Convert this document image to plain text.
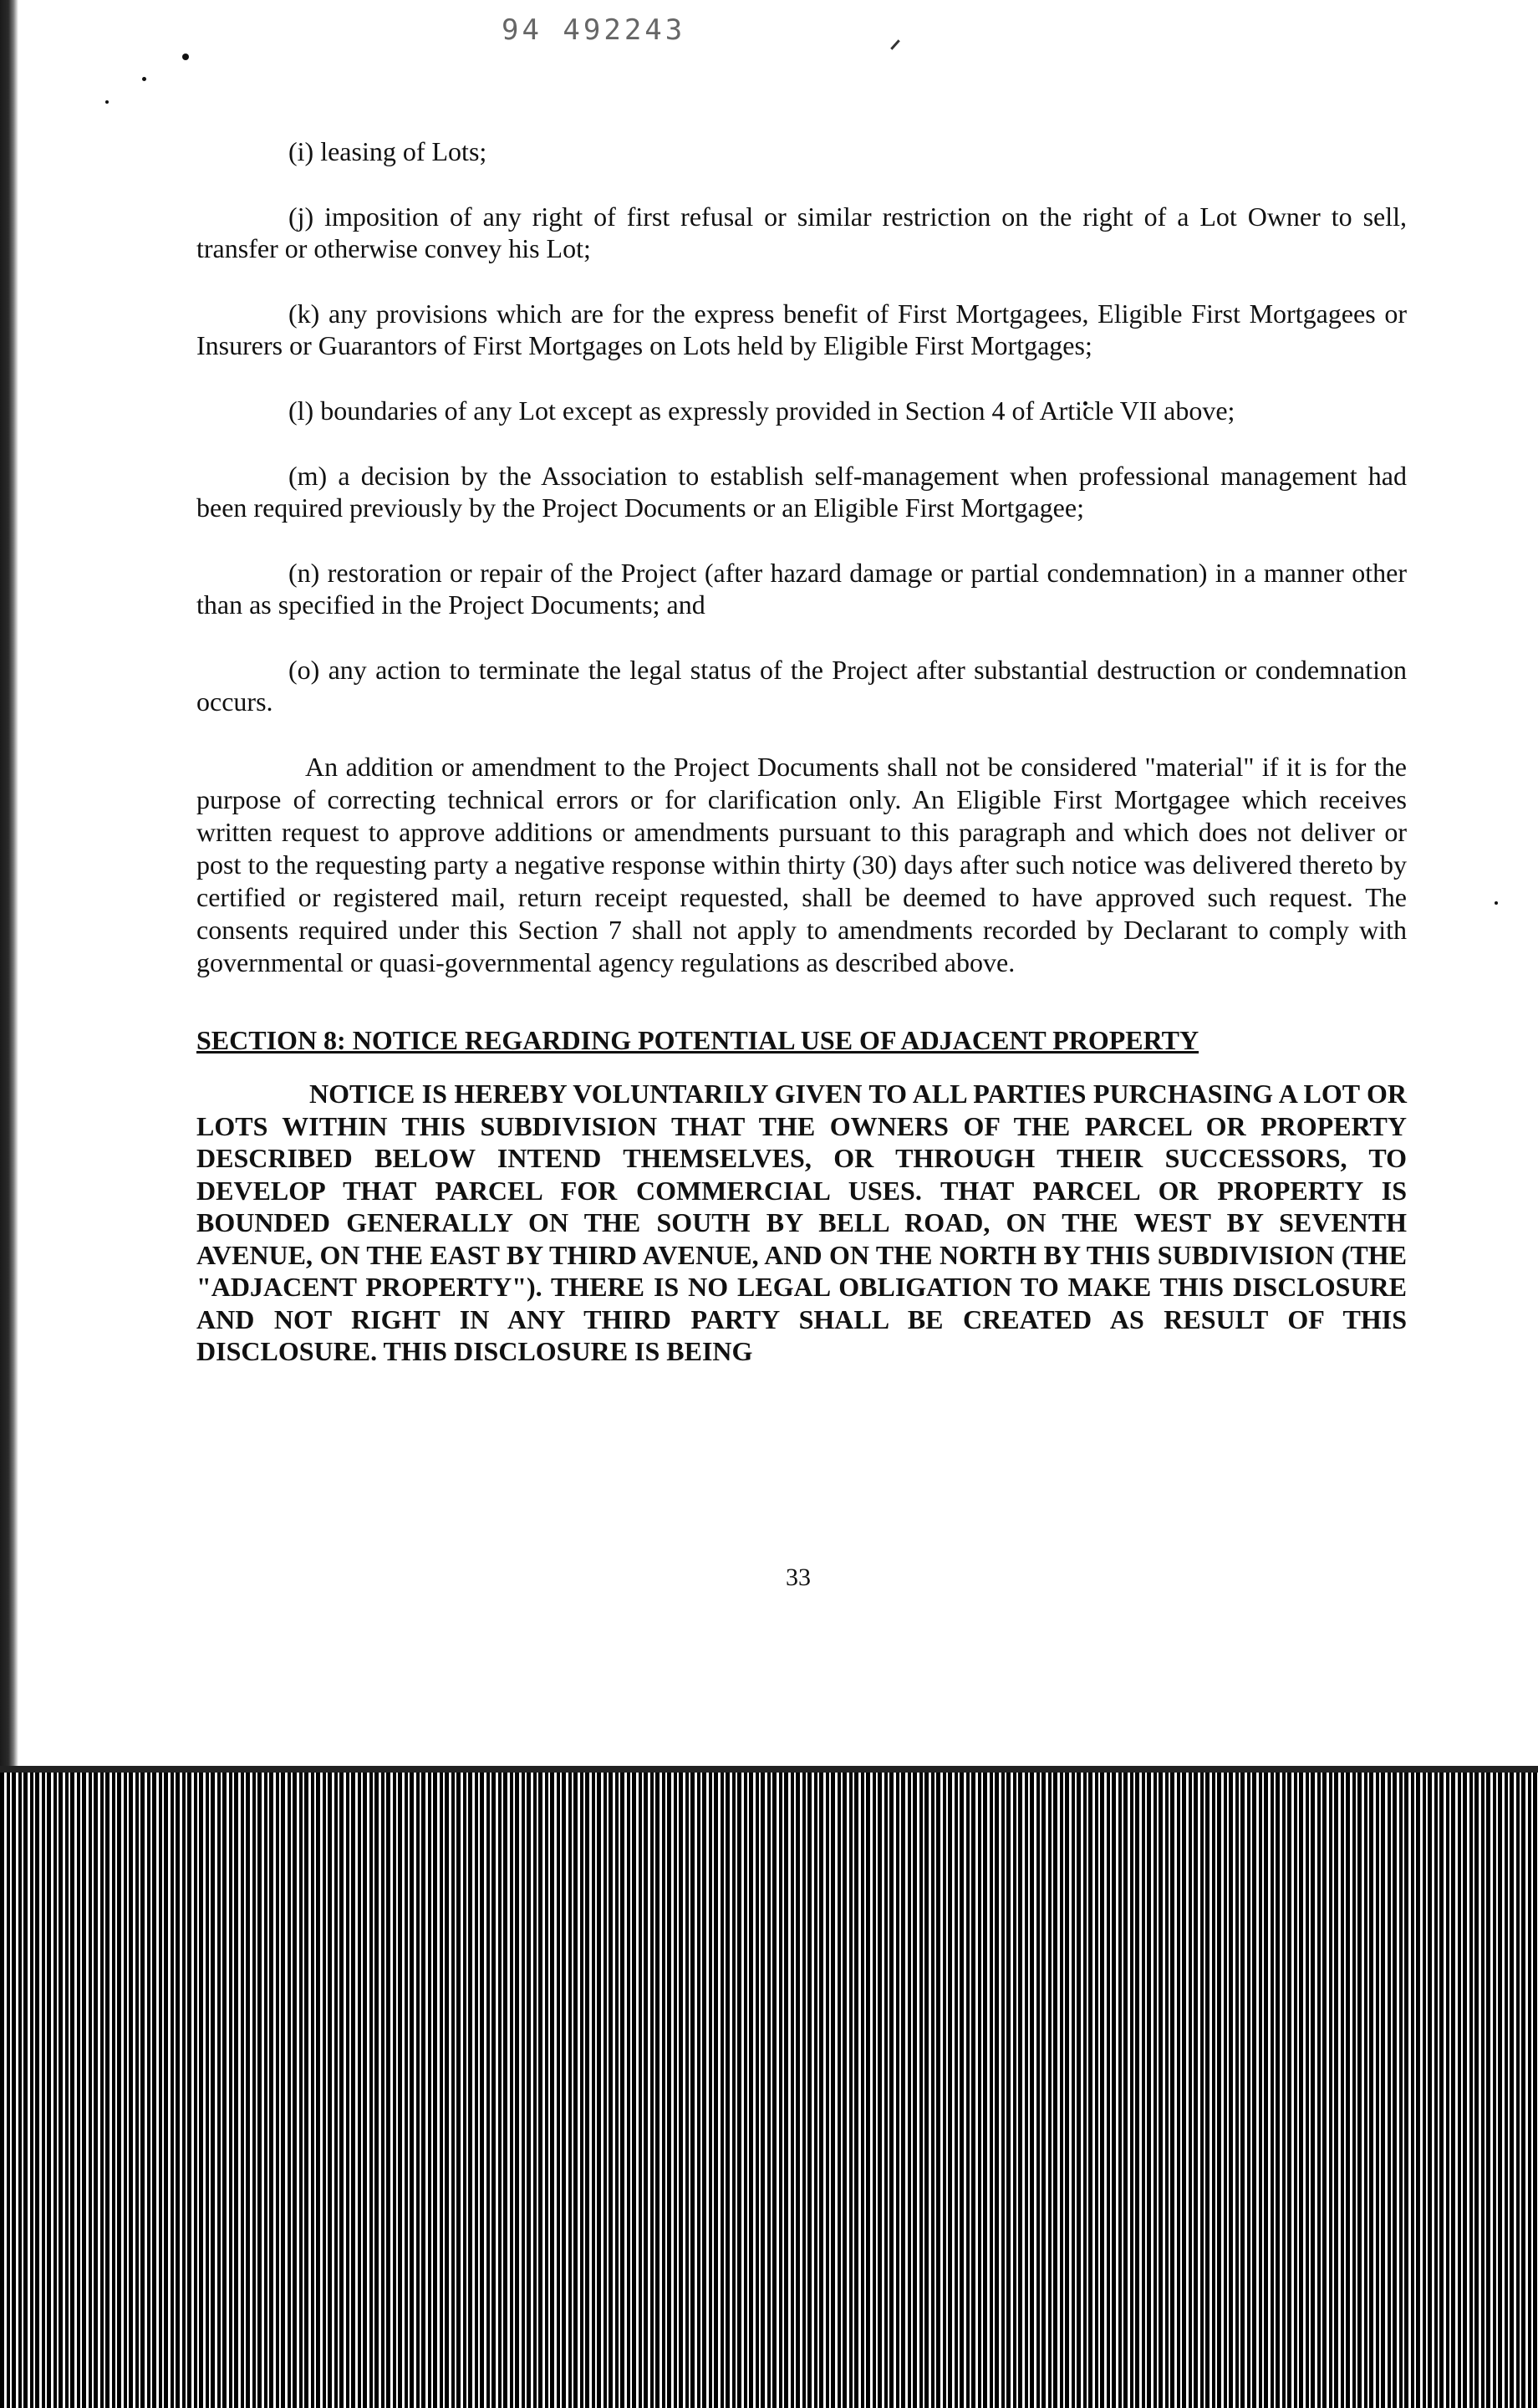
94 492243

(i) leasing of Lots;

(j) imposition of any right of first refusal or similar restriction on the right of a Lot Owner to sell, transfer or otherwise convey his Lot;

(k) any provisions which are for the express benefit of First Mortgagees, Eligible First Mortgagees or Insurers or Guarantors of First Mortgages on Lots held by Eligible First Mortgages;

(l) boundaries of any Lot except as expressly provided in Section 4 of Article VII above;

(m) a decision by the Association to establish self-management when professional management had been required previously by the Project Documents or an Eligible First Mortgagee;

(n) restoration or repair of the Project (after hazard damage or partial condemnation) in a manner other than as specified in the Project Documents; and

(o) any action to terminate the legal status of the Project after substantial destruction or condemnation occurs.

An addition or amendment to the Project Documents shall not be considered "material" if it is for the purpose of correcting technical errors or for clarification only. An Eligible First Mortgagee which receives written request to approve additions or amendments pursuant to this paragraph and which does not deliver or post to the requesting party a negative response within thirty (30) days after such notice was delivered thereto by certified or registered mail, return receipt requested, shall be deemed to have approved such request. The consents required under this Section 7 shall not apply to amendments recorded by Declarant to comply with governmental or quasi-governmental agency regulations as described above.

SECTION 8: NOTICE REGARDING POTENTIAL USE OF ADJACENT PROPERTY

NOTICE IS HEREBY VOLUNTARILY GIVEN TO ALL PARTIES PURCHASING A LOT OR LOTS WITHIN THIS SUBDIVISION THAT THE OWNERS OF THE PARCEL OR PROPERTY DESCRIBED BELOW INTEND THEMSELVES, OR THROUGH THEIR SUCCESSORS, TO DEVELOP THAT PARCEL FOR COMMERCIAL USES. THAT PARCEL OR PROPERTY IS BOUNDED GENERALLY ON THE SOUTH BY BELL ROAD, ON THE WEST BY SEVENTH AVENUE, ON THE EAST BY THIRD AVENUE, AND ON THE NORTH BY THIS SUBDIVISION (THE "ADJACENT PROPERTY"). THERE IS NO LEGAL OBLIGATION TO MAKE THIS DISCLOSURE AND NOT RIGHT IN ANY THIRD PARTY SHALL BE CREATED AS RESULT OF THIS DISCLOSURE. THIS DISCLOSURE IS BEING

33
